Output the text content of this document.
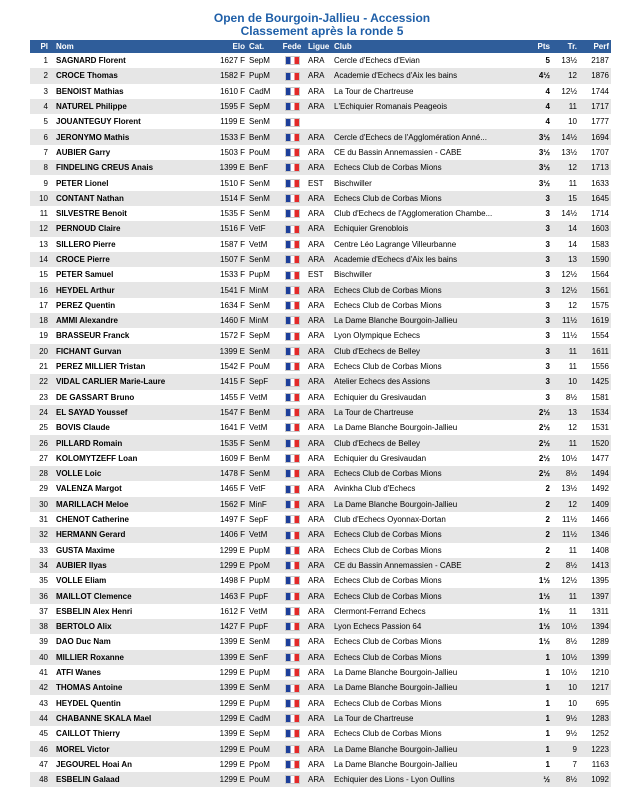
Open de Bourgoin-Jallieu - Accession
Classement après la ronde 5
Pl	Nom	Elo	Cat.	Fede	Ligue	Club	Pts	Tr.	Perf
1	SAGNARD Florent	1627 F	SepM		ARA	Cercle d'Echecs d'Evian	5	13½	2187
2	CROCE Thomas	1582 F	PupM		ARA	Academie d'Echecs d'Aix les bains	4½	12	1876
3	BENOIST Mathias	1610 F	CadM		ARA	La Tour de Chartreuse	4	12½	1744
4	NATUREL Philippe	1595 F	SepM		ARA	L'Echiquier Romanais Peageois	4	11	1717
5	JOUANTEGUY Florent	1199 E	SenM				4	10	1777
6	JERONYMO Mathis	1533 F	BenM		ARA	Cercle d'Echecs de l'Agglomération Anné...	3½	14½	1694
7	AUBIER Garry	1503 F	PouM		ARA	CE du Bassin Annemassien - CABE	3½	13½	1707
8	FINDELING CREUS Anais	1399 E	BenF		ARA	Echecs Club de Corbas Mions	3½	12	1713
9	PETER Lionel	1510 F	SenM		EST	Bischwiller	3½	11	1633
10	CONTANT Nathan	1514 F	SenM		ARA	Echecs Club de Corbas Mions	3	15	1645
11	SILVESTRE Benoit	1535 F	SenM		ARA	Club d'Echecs de l'Agglomeration Chambe...	3	14½	1714
12	PERNOUD Claire	1516 F	VetF		ARA	Echiquier Grenoblois	3	14	1603
13	SILLERO Pierre	1587 F	VetM		ARA	Centre Léo Lagrange Villeurbanne	3	14	1583
14	CROCE Pierre	1507 F	SenM		ARA	Academie d'Echecs d'Aix les bains	3	13	1590
15	PETER Samuel	1533 F	PupM		EST	Bischwiller	3	12½	1564
16	HEYDEL Arthur	1541 F	MinM		ARA	Echecs Club de Corbas Mions	3	12½	1561
17	PEREZ Quentin	1634 F	SenM		ARA	Echecs Club de Corbas Mions	3	12	1575
18	AMMI Alexandre	1460 F	MinM		ARA	La Dame Blanche Bourgoin-Jallieu	3	11½	1619
19	BRASSEUR Franck	1572 F	SepM		ARA	Lyon Olympique Echecs	3	11½	1554
20	FICHANT Gurvan	1399 E	SenM		ARA	Club d'Echecs de Belley	3	11	1611
21	PEREZ MILLIER Tristan	1542 F	PouM		ARA	Echecs Club de Corbas Mions	3	11	1556
22	VIDAL CARLIER Marie-Laure	1415 F	SepF		ARA	Atelier Echecs des Assions	3	10	1425
23	DE GASSART Bruno	1455 F	VetM		ARA	Echiquier du Gresivaudan	3	8½	1581
24	EL SAYAD Youssef	1547 F	BenM		ARA	La Tour de Chartreuse	2½	13	1534
25	BOVIS Claude	1641 F	VetM		ARA	La Dame Blanche Bourgoin-Jallieu	2½	12	1531
26	PILLARD Romain	1535 F	SenM		ARA	Club d'Echecs de Belley	2½	11	1520
27	KOLOMYTZEFF Loan	1609 F	BenM		ARA	Echiquier du Gresivaudan	2½	10½	1477
28	VOLLE Loic	1478 F	SenM		ARA	Echecs Club de Corbas Mions	2½	8½	1494
29	VALENZA Margot	1465 F	VetF		ARA	Avinkha Club d'Echecs	2	13½	1492
30	MARILLACH Meloe	1562 F	MinF		ARA	La Dame Blanche Bourgoin-Jallieu	2	12	1409
31	CHENOT Catherine	1497 F	SepF		ARA	Club d'Echecs Oyonnax-Dortan	2	11½	1466
32	HERMANN Gerard	1406 F	VetM		ARA	Echecs Club de Corbas Mions	2	11½	1346
33	GUSTA Maxime	1299 E	PupM		ARA	Echecs Club de Corbas Mions	2	11	1408
34	AUBIER Ilyas	1299 E	PpoM		ARA	CE du Bassin Annemassien - CABE	2	8½	1413
35	VOLLE Eliam	1498 F	PupM		ARA	Echecs Club de Corbas Mions	1½	12½	1395
36	MAILLOT Clemence	1463 F	PupF		ARA	Echecs Club de Corbas Mions	1½	11	1397
37	ESBELIN Alex Henri	1612 F	VetM		ARA	Clermont-Ferrand Echecs	1½	11	1311
38	BERTOLO Alix	1427 F	PupF		ARA	Lyon Echecs Passion 64	1½	10½	1394
39	DAO Duc Nam	1399 E	SenM		ARA	Echecs Club de Corbas Mions	1½	8½	1289
40	MILLIER Roxanne	1399 E	SenF		ARA	Echecs Club de Corbas Mions	1	10½	1399
41	ATFI Wanes	1299 E	PupM		ARA	La Dame Blanche Bourgoin-Jallieu	1	10½	1210
42	THOMAS Antoine	1399 E	SenM		ARA	La Dame Blanche Bourgoin-Jallieu	1	10	1217
43	HEYDEL Quentin	1299 E	PupM		ARA	Echecs Club de Corbas Mions	1	10	695
44	CHABANNE SKALA Mael	1299 E	CadM		ARA	La Tour de Chartreuse	1	9½	1283
45	CAILLOT Thierry	1399 E	SepM		ARA	Echecs Club de Corbas Mions	1	9½	1252
46	MOREL Victor	1299 E	PouM		ARA	La Dame Blanche Bourgoin-Jallieu	1	9	1223
47	JEGOUREL Hoai An	1299 E	PpoM		ARA	La Dame Blanche Bourgoin-Jallieu	1	7	1163
48	ESBELIN Galaad	1299 E	PouM		ARA	Echiquier des Lions - Lyon Oullins	½	8½	1092
